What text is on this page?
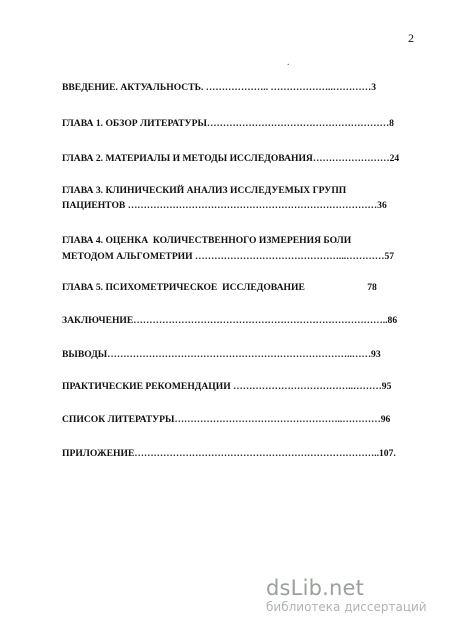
2
.
ВВЕДЕНИЕ. АКТУАЛЬНОСТЬ. ……………….. ………………..…………3
ГЛАВА 1. ОБЗОР ЛИТЕРАТУРЫ…………………………………………………8
ГЛАВА 2. МАТЕРИАЛЫ И МЕТОДЫ ИССЛЕДОВАНИЯ……………………24
ГЛАВА 3. КЛИНИЧЕСКИЙ АНАЛИЗ ИССЛЕДУЕМЫХ ГРУПП
ПАЦИЕНТОВ ……………………………………………………………………36
ГЛАВА 4. ОЦЕНКА  КОЛИЧЕСТВЕННОГО ИЗМЕРЕНИЯ БОЛИ
МЕТОДОМ АЛЬГОМЕТРИИ ………………………………………...…………57
ГЛАВА 5. ПСИХОМЕТРИЧЕСКОЕ  ИССЛЕДОВАНИЕ                          78
ЗАКЛЮЧЕНИЕ……………………………………………………………………..86
ВЫВОДЫ…………………………………………………………………..……93
ПРАКТИЧЕСКИЕ РЕКОМЕНДАЦИИ ………………………………..………95
СПИСОК ЛИТЕРАТУРЫ……………………………………………..…………96
ПРИЛОЖЕНИЕ…………………………………………………………………..107.
dsLib.net
библиотека диссертаций
